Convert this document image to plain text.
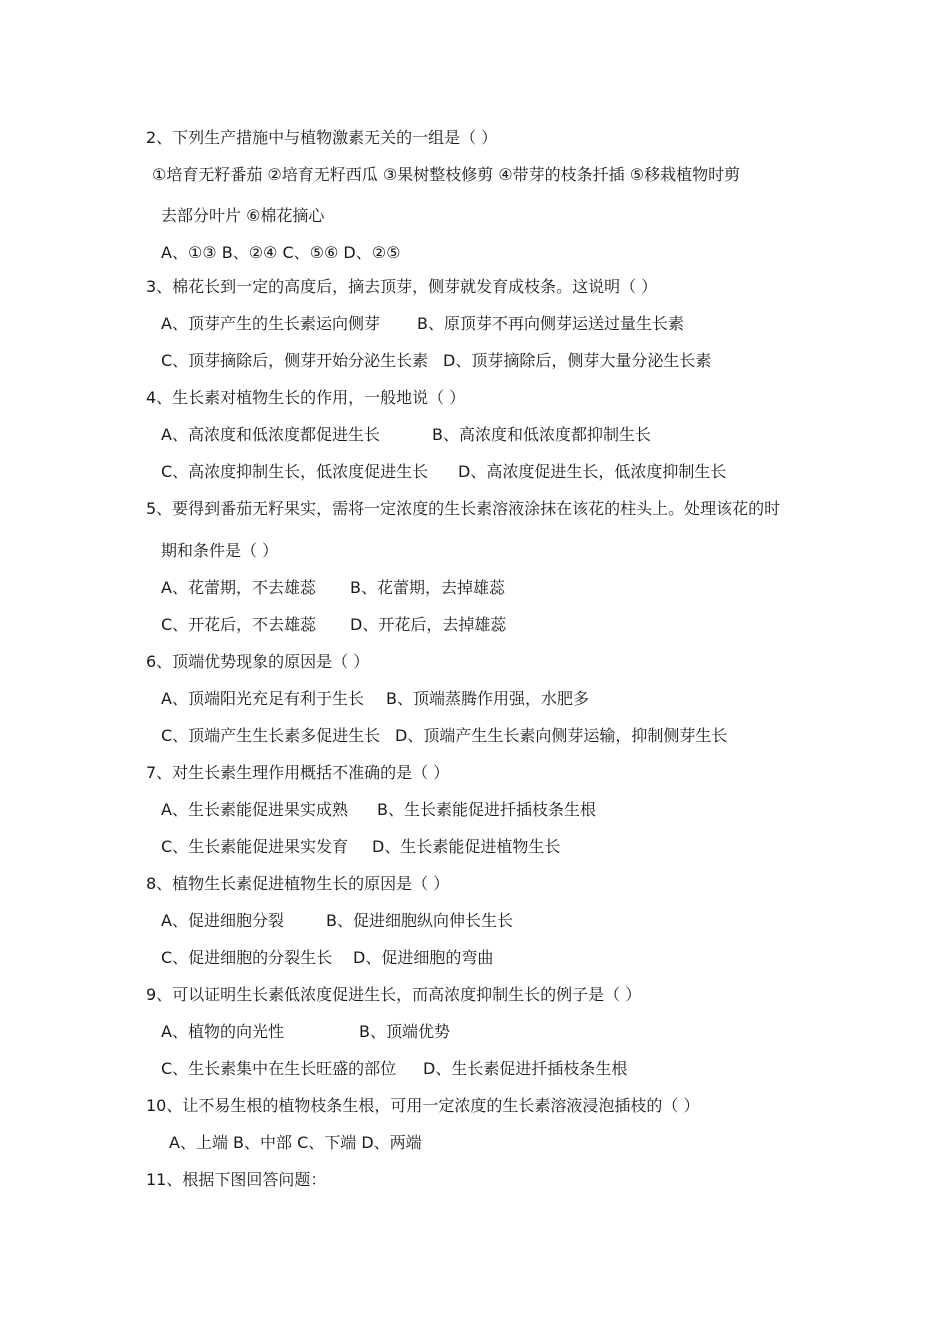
2、下列生产措施中与植物激素无关的一组是（ ）
①培育无籽番茄 ②培育无籽西瓜 ③果树整枝修剪 ④带芽的枝条扦插 ⑤移栽植物时剪
去部分叶片 ⑥棉花摘心
A、①③ B、②④ C、⑤⑥ D、②⑤
3、棉花长到一定的高度后，摘去顶芽，侧芽就发育成枝条。这说明（ ）
A、顶芽产生的生长素运向侧芽 B、原顶芽不再向侧芽运送过量生长素
C、顶芽摘除后，侧芽开始分泌生长素 D、顶芽摘除后，侧芽大量分泌生长素
4、生长素对植物生长的作用，一般地说（ ）
A、高浓度和低浓度都促进生长	B、高浓度和低浓度都抑制生长
C、高浓度抑制生长，低浓度促进生长 D、高浓度促进生长，低浓度抑制生长
5、要得到番茄无籽果实，需将一定浓度的生长素溶液涂抹在该花的柱头上。处理该花的时
期和条件是（ ）
A、花蕾期，不去雄蕊 B、花蕾期，去掉雄蕊
C、开花后，不去雄蕊 D、开花后，去掉雄蕊
6、顶端优势现象的原因是（ ）
A、顶端阳光充足有利于生长 B、顶端蒸腾作用强，水肥多
C、顶端产生生长素多促进生长 D、顶端产生生长素向侧芽运输，抑制侧芽生长
7、对生长素生理作用概括不准确的是（ ）
A、生长素能促进果实成熟 B、生长素能促进扦插枝条生根
C、生长素能促进果实发育 D、生长素能促进植物生长
8、植物生长素促进植物生长的原因是（ ）
A、促进细胞分裂	B、促进细胞纵向伸长生长
C、促进细胞的分裂生长 D、促进细胞的弯曲
9、可以证明生长素低浓度促进生长，而高浓度抑制生长的例子是（ ）
A、植物的向光性	B、顶端优势
C、生长素集中在生长旺盛的部位 D、生长素促进扦插枝条生根
10、让不易生根的植物枝条生根，可用一定浓度的生长素溶液浸泡插枝的（ ）
A、上端 B、中部 C、下端 D、两端
11、根据下图回答问题：
